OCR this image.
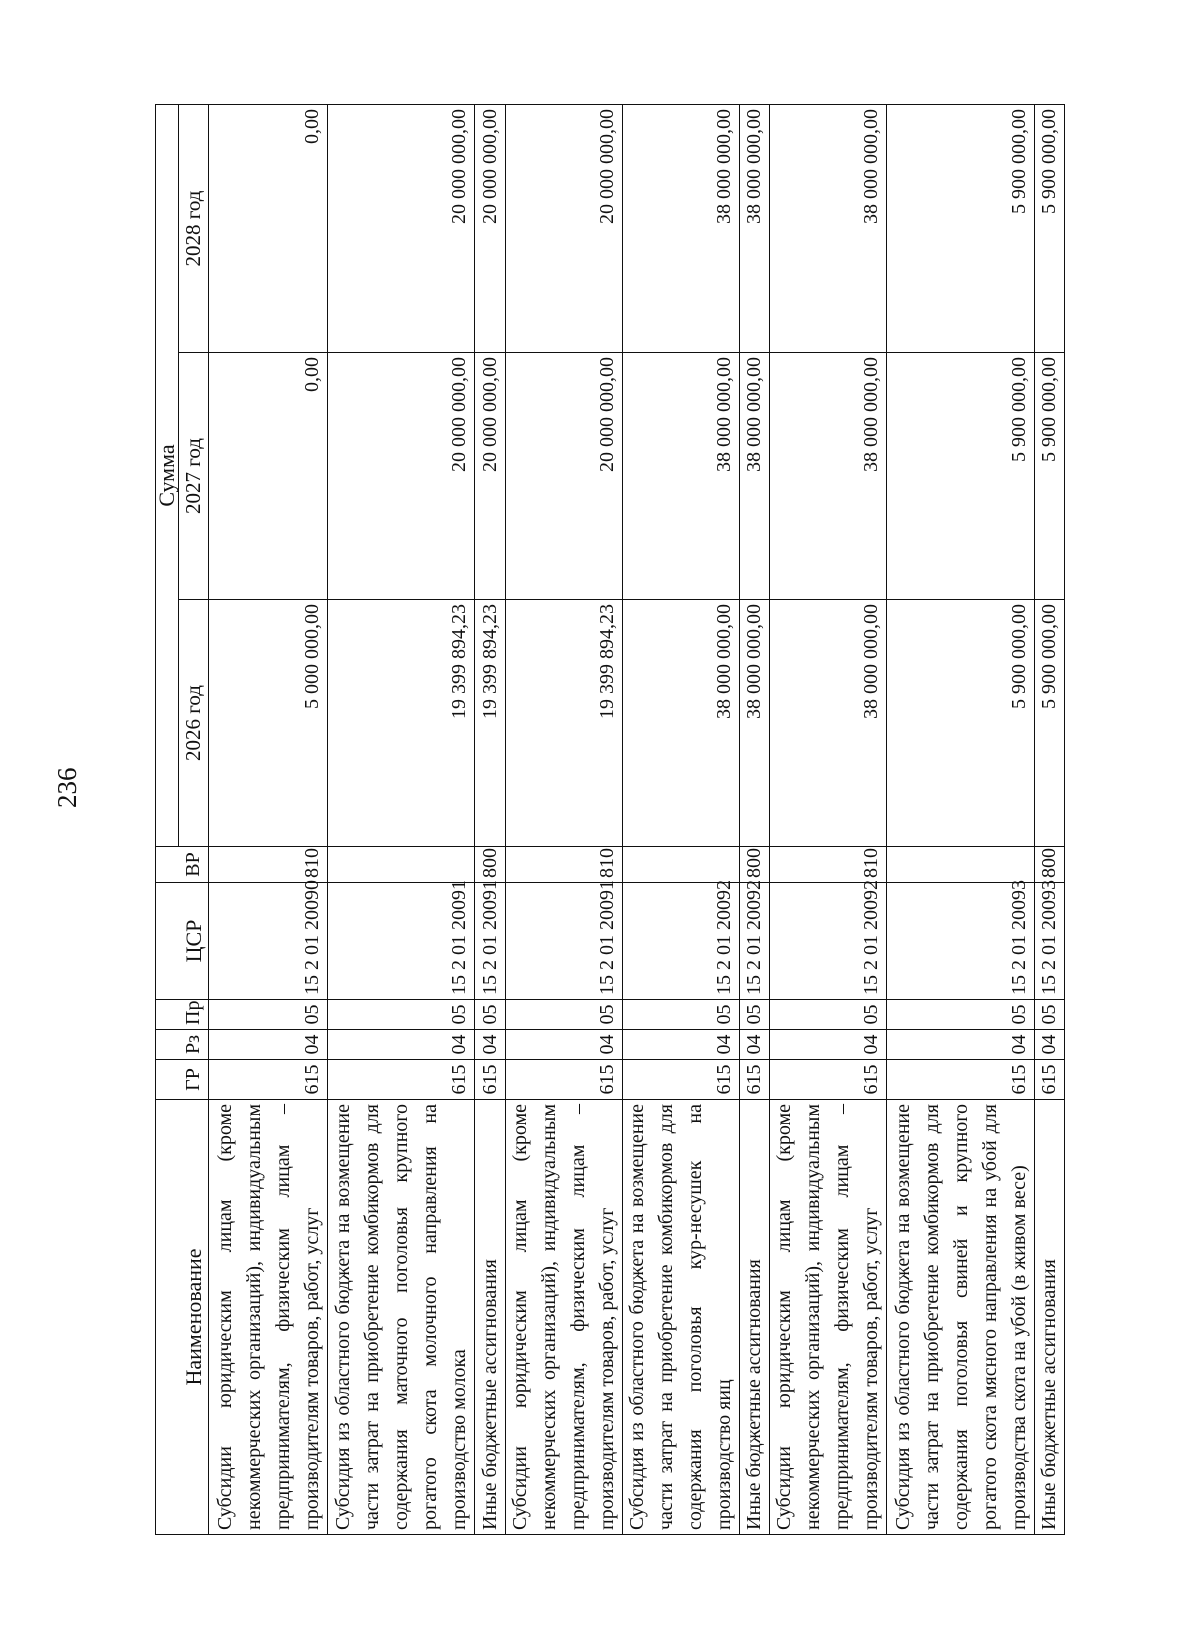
236
Наименование	ГР	Рз	Пр	ЦСР	ВР	Сумма		
						2026 год	2027 год	2028 год
Субсидии юридическим лицам (кроме некоммерческих организаций), индивидуальным предпринимателям, физическим лицам – производителям товаров, работ, услуг	615	04	05	15 2 01 20090	810	5 000 000,00	0,00	0,00
Субсидия из областного бюджета на возмещение части затрат на приобретение комбикормов для содержания маточного поголовья крупного рогатого скота молочного направления на производство молока	615	04	05	15 2 01 20091		19 399 894,23	20 000 000,00	20 000 000,00
Иные бюджетные ассигнования	615	04	05	15 2 01 20091	800	19 399 894,23	20 000 000,00	20 000 000,00
Субсидии юридическим лицам (кроме некоммерческих организаций), индивидуальным предпринимателям, физическим лицам – производителям товаров, работ, услуг	615	04	05	15 2 01 20091	810	19 399 894,23	20 000 000,00	20 000 000,00
Субсидия из областного бюджета на возмещение части затрат на приобретение комбикормов для содержания поголовья кур-несушек на производство яиц	615	04	05	15 2 01 20092		38 000 000,00	38 000 000,00	38 000 000,00
Иные бюджетные ассигнования	615	04	05	15 2 01 20092	800	38 000 000,00	38 000 000,00	38 000 000,00
Субсидии юридическим лицам (кроме некоммерческих организаций), индивидуальным предпринимателям, физическим лицам – производителям товаров, работ, услуг	615	04	05	15 2 01 20092	810	38 000 000,00	38 000 000,00	38 000 000,00
Субсидия из областного бюджета на возмещение части затрат на приобретение комбикормов для содержания поголовья свиней и крупного рогатого скота мясного направления на убой для производства скота на убой (в живом весе)	615	04	05	15 2 01 20093		5 900 000,00	5 900 000,00	5 900 000,00
Иные бюджетные ассигнования	615	04	05	15 2 01 20093	800	5 900 000,00	5 900 000,00	5 900 000,00
